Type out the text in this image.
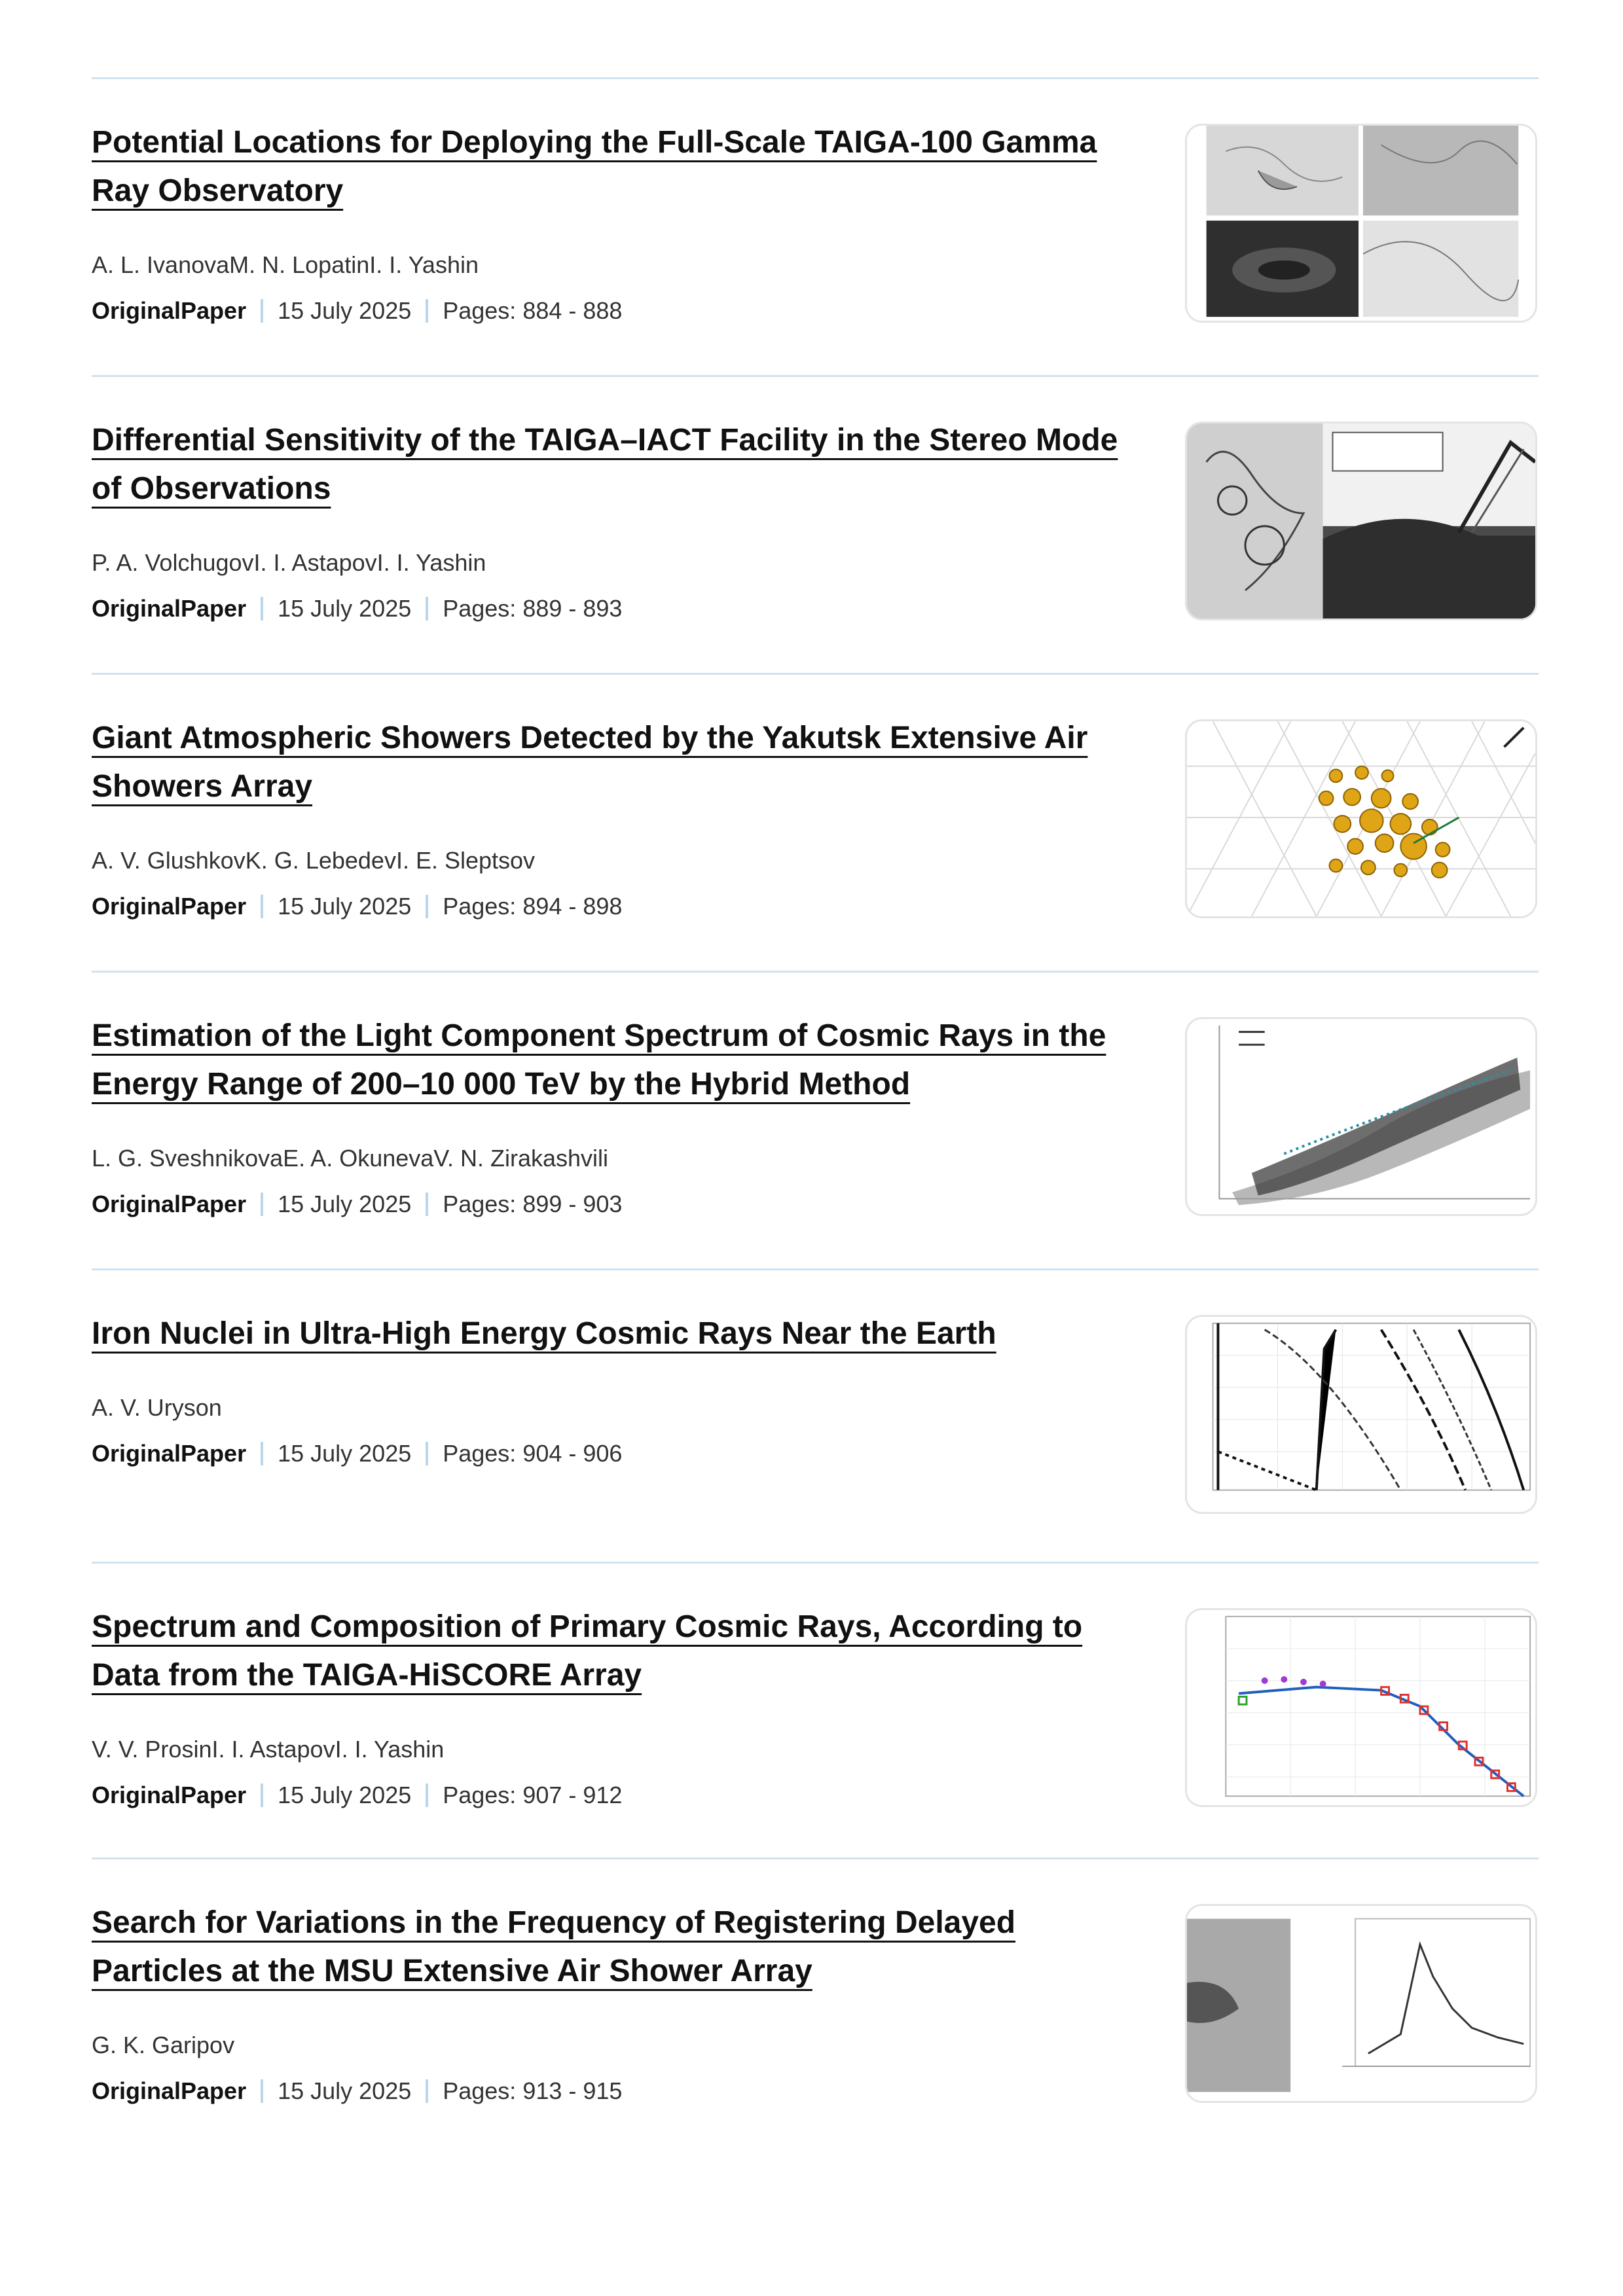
Potential Locations for Deploying the Full-Scale TAIGA-100 Gamma Ray Observatory
A. L. IvanovaM. N. LopatinI. I. Yashin
OriginalPaper 15 July 2025 Pages: 884 - 888
Differential Sensitivity of the TAIGA–IACT Facility in the Stereo Mode of Observations
P. A. VolchugovI. I. AstapovI. I. Yashin
OriginalPaper 15 July 2025 Pages: 889 - 893
Giant Atmospheric Showers Detected by the Yakutsk Extensive Air Showers Array
A. V. GlushkovK. G. LebedevI. E. Sleptsov
OriginalPaper 15 July 2025 Pages: 894 - 898
Estimation of the Light Component Spectrum of Cosmic Rays in the Energy Range of 200–10 000 TeV by the Hybrid Method
L. G. SveshnikovaE. A. OkunevaV. N. Zirakashvili
OriginalPaper 15 July 2025 Pages: 899 - 903
Iron Nuclei in Ultra-High Energy Cosmic Rays Near the Earth
A. V. Uryson
OriginalPaper 15 July 2025 Pages: 904 - 906
Spectrum and Composition of Primary Cosmic Rays, According to Data from the TAIGA-HiSCORE Array
V. V. ProsinI. I. AstapovI. I. Yashin
OriginalPaper 15 July 2025 Pages: 907 - 912
Search for Variations in the Frequency of Registering Delayed Particles at the MSU Extensive Air Shower Array
G. K. Garipov
OriginalPaper 15 July 2025 Pages: 913 - 915
